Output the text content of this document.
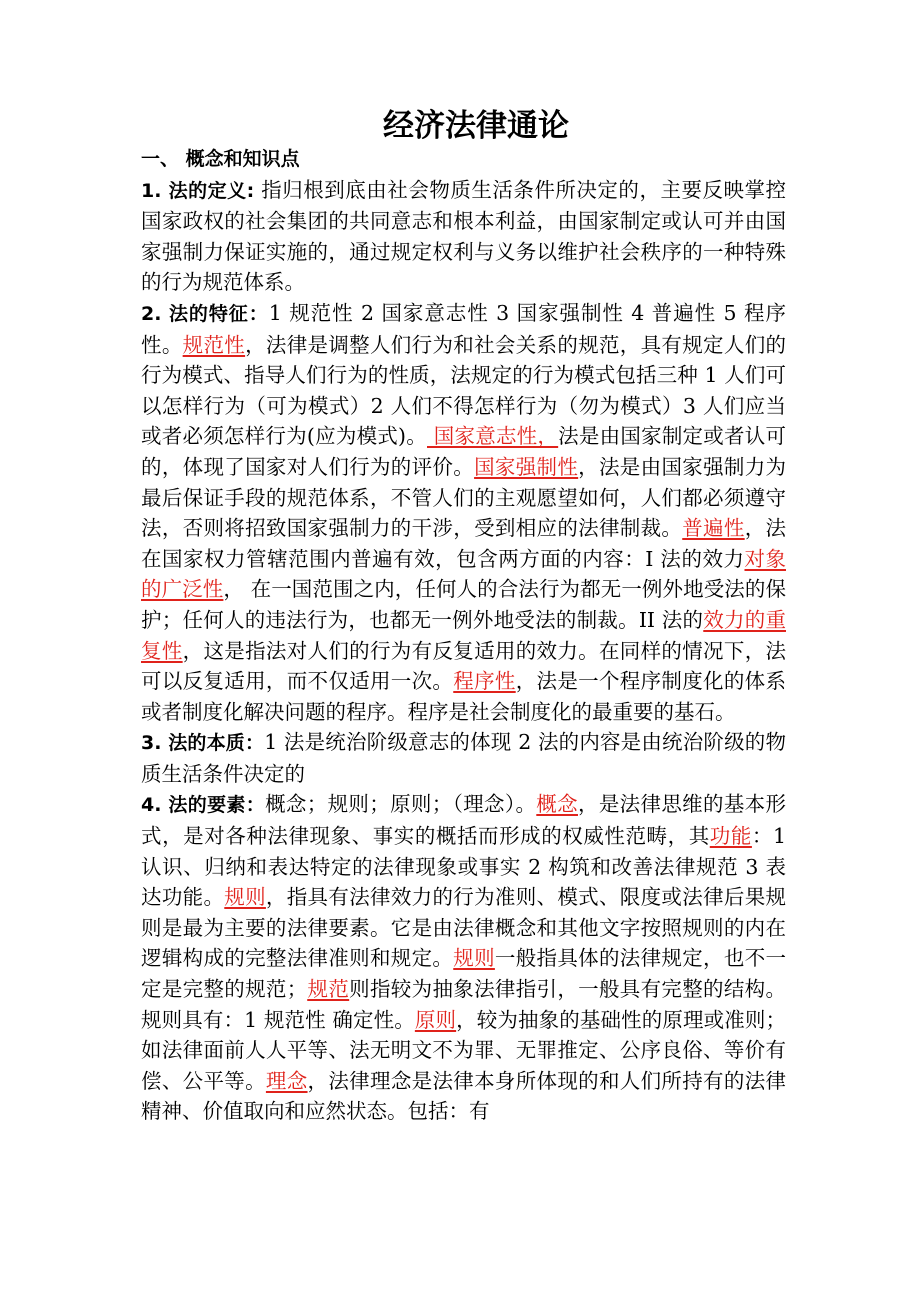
经济法律通论

一、 概念和知识点

1. 法的定义: 指归根到底由社会物质生活条件所决定的，主要反映掌控国家政权的社会集团的共同意志和根本利益，由国家制定或认可并由国家强制力保证实施的，通过规定权利与义务以维护社会秩序的一种特殊的行为规范体系。

2. 法的特征：1 规范性 2 国家意志性 3 国家强制性 4 普遍性 5 程序性。规范性，法律是调整人们行为和社会关系的规范，具有规定人们的行为模式、指导人们行为的性质，法规定的行为模式包括三种 1 人们可以怎样行为（可为模式）2 人们不得怎样行为（勿为模式）3 人们应当或者必须怎样行为(应为模式)。 国家意志性，法是由国家制定或者认可的，体现了国家对人们行为的评价。国家强制性，法是由国家强制力为最后保证手段的规范体系，不管人们的主观愿望如何，人们都必须遵守法，否则将招致国家强制力的干涉，受到相应的法律制裁。普遍性，法在国家权力管辖范围内普遍有效，包含两方面的内容：I 法的效力对象的广泛性， 在一国范围之内，任何人的合法行为都无一例外地受法的保护；任何人的违法行为，也都无一例外地受法的制裁。II 法的效力的重复性，这是指法对人们的行为有反复适用的效力。在同样的情况下，法可以反复适用，而不仅适用一次。程序性，法是一个程序制度化的体系或者制度化解决问题的程序。程序是社会制度化的最重要的基石。

3. 法的本质：1 法是统治阶级意志的体现 2 法的内容是由统治阶级的物质生活条件决定的

4. 法的要素：概念；规则；原则；（理念）。概念，是法律思维的基本形式，是对各种法律现象、事实的概括而形成的权威性范畴，其功能：1 认识、归纳和表达特定的法律现象或事实 2 构筑和改善法律规范 3 表达功能。规则，指具有法律效力的行为准则、模式、限度或法律后果规则是最为主要的法律要素。它是由法律概念和其他文字按照规则的内在逻辑构成的完整法律准则和规定。规则一般指具体的法律规定，也不一定是完整的规范；规范则指较为抽象法律指引，一般具有完整的结构。规则具有：1 规范性 确定性。原则，较为抽象的基础性的原理或准则；如法律面前人人平等、法无明文不为罪、无罪推定、公序良俗、等价有偿、公平等。理念，法律理念是法律本身所体现的和人们所持有的法律精神、价值取向和应然状态。包括：有
